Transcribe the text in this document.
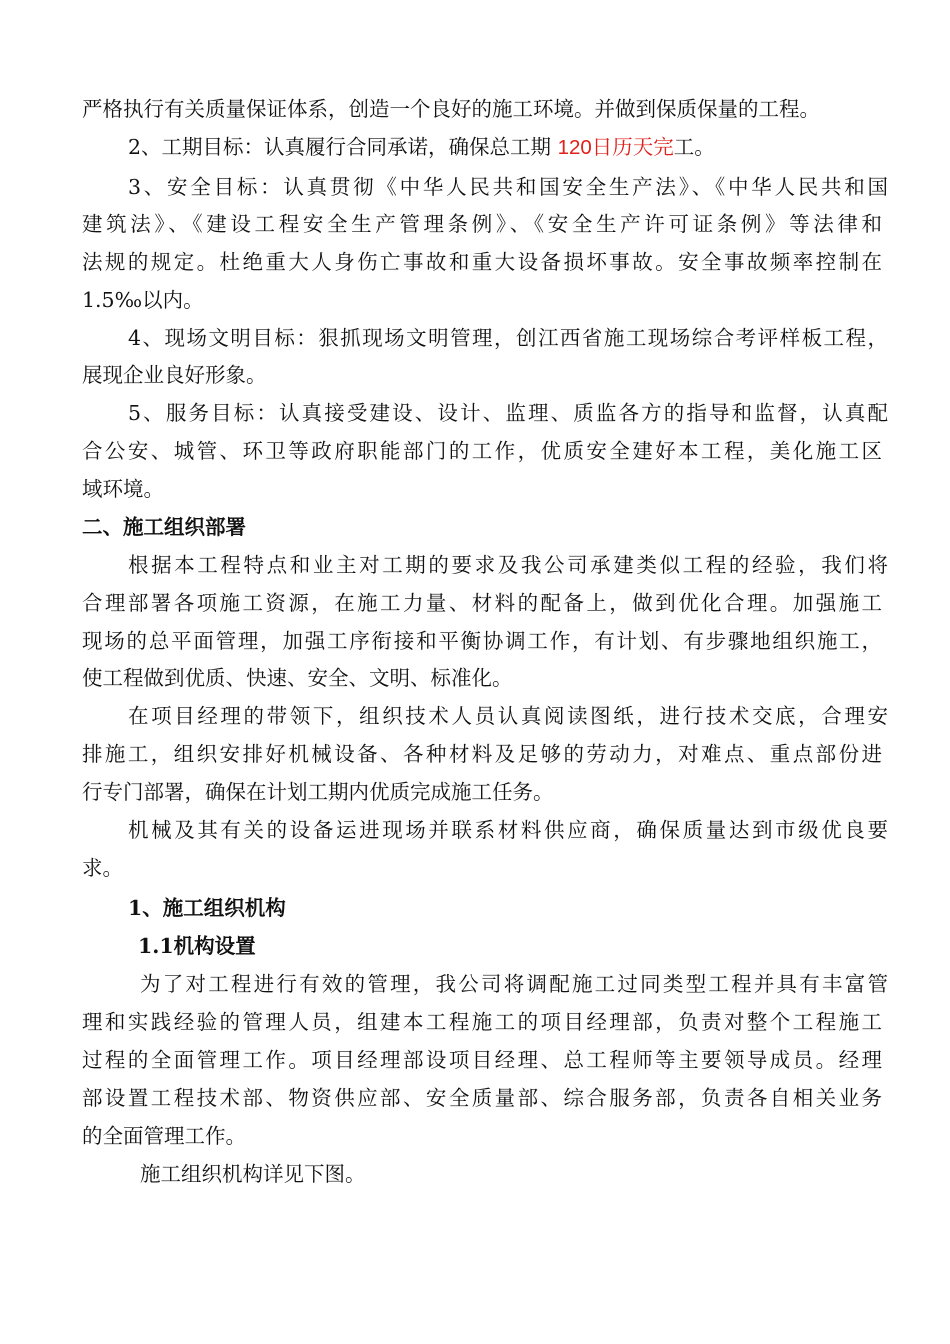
严格执行有关质量保证体系，创造一个良好的施工环境。并做到保质保量的工程。
2、工期目标：认真履行合同承诺，确保总工期 120日历天完工。
3、安全目标：认真贯彻《中华人民共和国安全生产法》、《中华人民共和国
建筑法》、《建设工程安全生产管理条例》、《安全生产许可证条例》等法律和
法规的规定。杜绝重大人身伤亡事故和重大设备损坏事故。安全事故频率控制在
1.5‰以内。
4、现场文明目标：狠抓现场文明管理，创江西省施工现场综合考评样板工程，
展现企业良好形象。
5、服务目标：认真接受建设、设计、监理、质监各方的指导和监督，认真配
合公安、城管、环卫等政府职能部门的工作，优质安全建好本工程，美化施工区
域环境。
二、施工组织部署
根据本工程特点和业主对工期的要求及我公司承建类似工程的经验，我们将
合理部署各项施工资源，在施工力量、材料的配备上，做到优化合理。加强施工
现场的总平面管理，加强工序衔接和平衡协调工作，有计划、有步骤地组织施工，
使工程做到优质、快速、安全、文明、标准化。
在项目经理的带领下，组织技术人员认真阅读图纸，进行技术交底，合理安
排施工，组织安排好机械设备、各种材料及足够的劳动力，对难点、重点部份进
行专门部署，确保在计划工期内优质完成施工任务。
机械及其有关的设备运进现场并联系材料供应商，确保质量达到市级优良要
求。
1、施工组织机构
1.1机构设置
为了对工程进行有效的管理，我公司将调配施工过同类型工程并具有丰富管
理和实践经验的管理人员，组建本工程施工的项目经理部，负责对整个工程施工
过程的全面管理工作。项目经理部设项目经理、总工程师等主要领导成员。经理
部设置工程技术部、物资供应部、安全质量部、综合服务部，负责各自相关业务
的全面管理工作。
施工组织机构详见下图。
